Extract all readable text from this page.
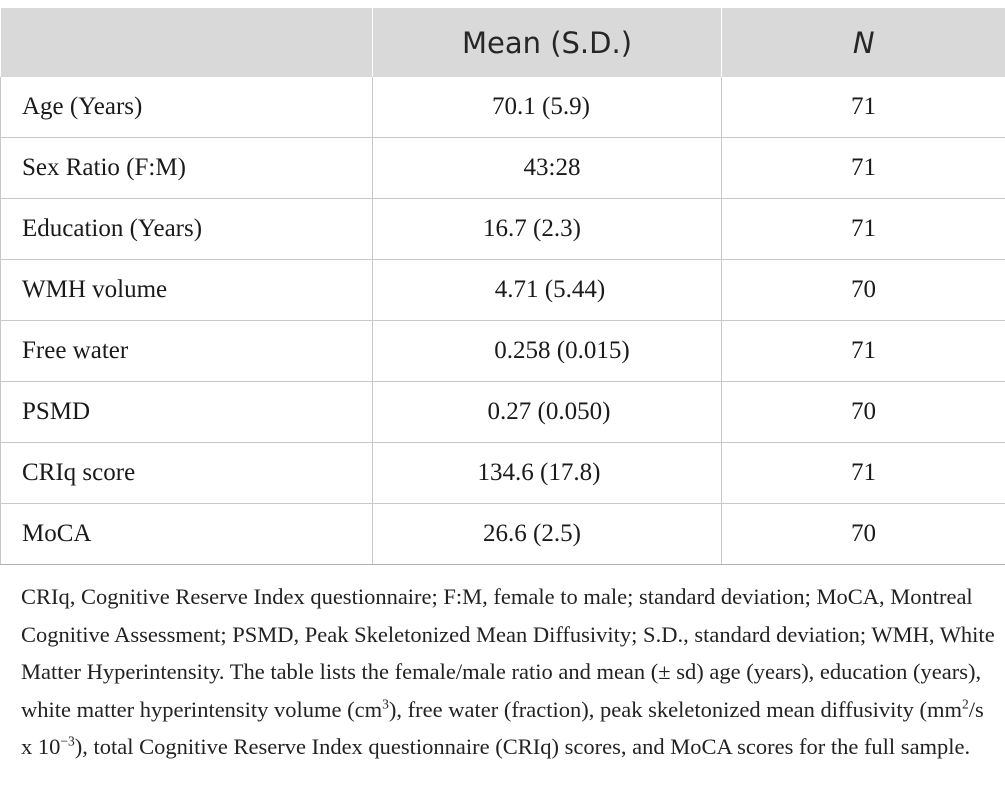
	Mean (S.D.)	N
Age (Years)	70.1 (5.9)	71
Sex Ratio (F:M)	43:28	71
Education (Years)	16.7 (2.3)	71
WMH volume	4.71 (5.44)	70
Free water	0.258 (0.015)	71
PSMD	0.27 (0.050)	70
CRIq score	134.6 (17.8)	71
MoCA	26.6 (2.5)	70

CRIq, Cognitive Reserve Index questionnaire; F:M, female to male; standard deviation; MoCA, Montreal Cognitive Assessment; PSMD, Peak Skeletonized Mean Diffusivity; S.D., standard deviation; WMH, White Matter Hyperintensity. The table lists the female/male ratio and mean (± sd) age (years), education (years), white matter hyperintensity volume $(cm^3)$, free water (fraction), peak skeletonized mean diffusivity ($mm^2/s$ x $10^{-3}$), total Cognitive Reserve Index questionnaire (CRIq) scores, and MoCA scores for the full sample.
